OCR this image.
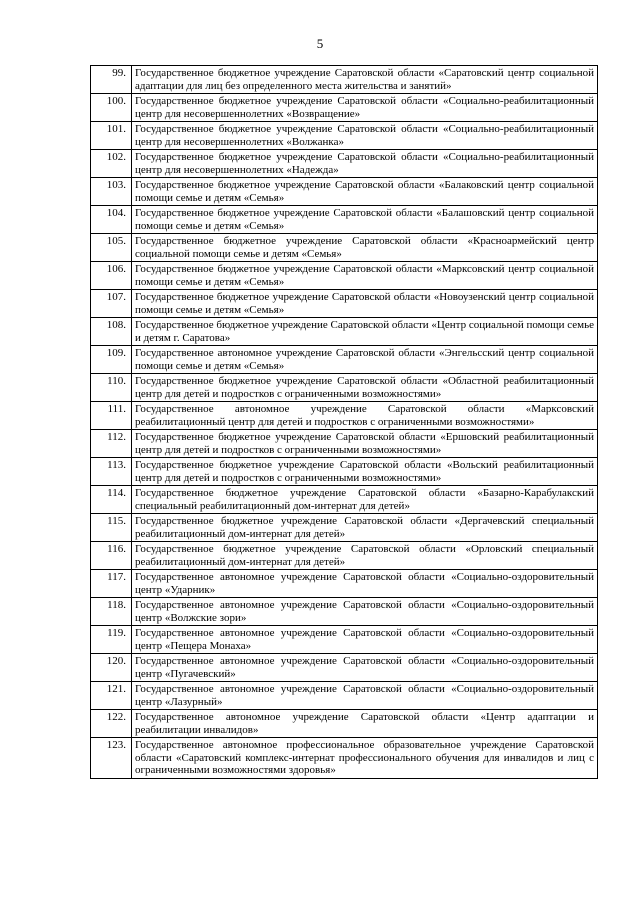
5
99.	Государственное бюджетное учреждение Саратовской области «Саратовский центр социальной адаптации для лиц без определенного места жительства и занятий»
100.	Государственное бюджетное учреждение Саратовской области «Социально-реабилитационный центр для несовершеннолетних «Возвращение»
101.	Государственное бюджетное учреждение Саратовской области «Социально-реабилитационный центр для несовершеннолетних «Волжанка»
102.	Государственное бюджетное учреждение Саратовской области «Социально-реабилитационный центр для несовершеннолетних «Надежда»
103.	Государственное бюджетное учреждение Саратовской области «Балаковский центр социальной помощи семье и детям «Семья»
104.	Государственное бюджетное учреждение Саратовской области «Балашовский центр социальной помощи семье и детям «Семья»
105.	Государственное бюджетное учреждение Саратовской области «Красноармейский центр социальной помощи семье и детям «Семья»
106.	Государственное бюджетное учреждение Саратовской области «Марксовский центр социальной помощи семье и детям «Семья»
107.	Государственное бюджетное учреждение Саратовской области «Новоузенский центр социальной помощи семье и детям «Семья»
108.	Государственное бюджетное учреждение Саратовской области «Центр социальной помощи семье и детям г. Саратова»
109.	Государственное автономное учреждение Саратовской области «Энгельсский центр социальной помощи семье и детям «Семья»
110.	Государственное бюджетное учреждение Саратовской области «Областной реабилитационный центр для детей и подростков с ограниченными возможностями»
111.	Государственное автономное учреждение Саратовской области «Марксовский реабилитационный центр для детей и подростков с ограниченными возможностями»
112.	Государственное бюджетное учреждение Саратовской области «Ершовский реабилитационный центр для детей и подростков с ограниченными возможностями»
113.	Государственное бюджетное учреждение Саратовской области «Вольский реабилитационный центр для детей и подростков с ограниченными возможностями»
114.	Государственное бюджетное учреждение Саратовской области «Базарно-Карабулакский специальный реабилитационный дом-интернат для детей»
115.	Государственное бюджетное учреждение Саратовской области «Дергачевский специальный реабилитационный дом-интернат для детей»
116.	Государственное бюджетное учреждение Саратовской области «Орловский специальный реабилитационный дом-интернат для детей»
117.	Государственное автономное учреждение Саратовской области «Социально-оздоровительный центр «Ударник»
118.	Государственное автономное учреждение Саратовской области «Социально-оздоровительный центр «Волжские зори»
119.	Государственное автономное учреждение Саратовской области «Социально-оздоровительный центр «Пещера Монаха»
120.	Государственное автономное учреждение Саратовской области «Социально-оздоровительный центр «Пугачевский»
121.	Государственное автономное учреждение Саратовской области «Социально-оздоровительный центр «Лазурный»
122.	Государственное автономное учреждение Саратовской области «Центр адаптации и реабилитации инвалидов»
123.	Государственное автономное профессиональное образовательное учреждение Саратовской области «Саратовский комплекс-интернат профессионального обучения для инвалидов и лиц с ограниченными возможностями здоровья»
